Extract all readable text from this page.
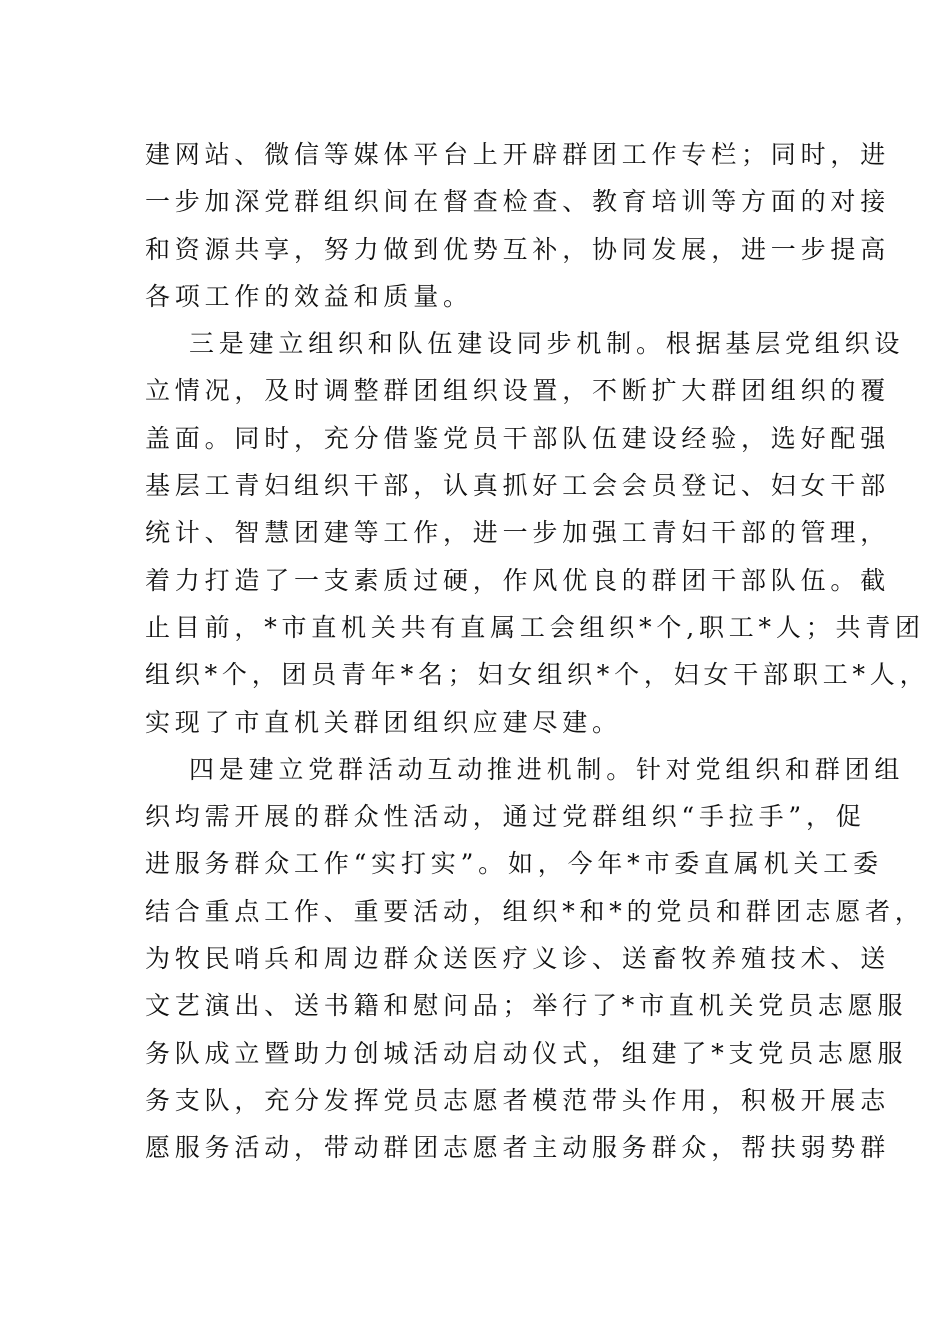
建网站、微信等媒体平台上开辟群团工作专栏；同时，进
一步加深党群组织间在督查检查、教育培训等方面的对接
和资源共享，努力做到优势互补，协同发展，进一步提高
各项工作的效益和质量。
三是建立组织和队伍建设同步机制。根据基层党组织设
立情况，及时调整群团组织设置，不断扩大群团组织的覆
盖面。同时，充分借鉴党员干部队伍建设经验，选好配强
基层工青妇组织干部，认真抓好工会会员登记、妇女干部
统计、智慧团建等工作，进一步加强工青妇干部的管理，
着力打造了一支素质过硬，作风优良的群团干部队伍。截
止目前，*市直机关共有直属工会组织*个,职工*人；共青团
组织*个，团员青年*名；妇女组织*个，妇女干部职工*人，
实现了市直机关群团组织应建尽建。
四是建立党群活动互动推进机制。针对党组织和群团组
织均需开展的群众性活动，通过党群组织“手拉手”，促
进服务群众工作“实打实”。如，今年*市委直属机关工委
结合重点工作、重要活动，组织*和*的党员和群团志愿者，
为牧民哨兵和周边群众送医疗义诊、送畜牧养殖技术、送
文艺演出、送书籍和慰问品；举行了*市直机关党员志愿服
务队成立暨助力创城活动启动仪式，组建了*支党员志愿服
务支队，充分发挥党员志愿者模范带头作用，积极开展志
愿服务活动，带动群团志愿者主动服务群众，帮扶弱势群
